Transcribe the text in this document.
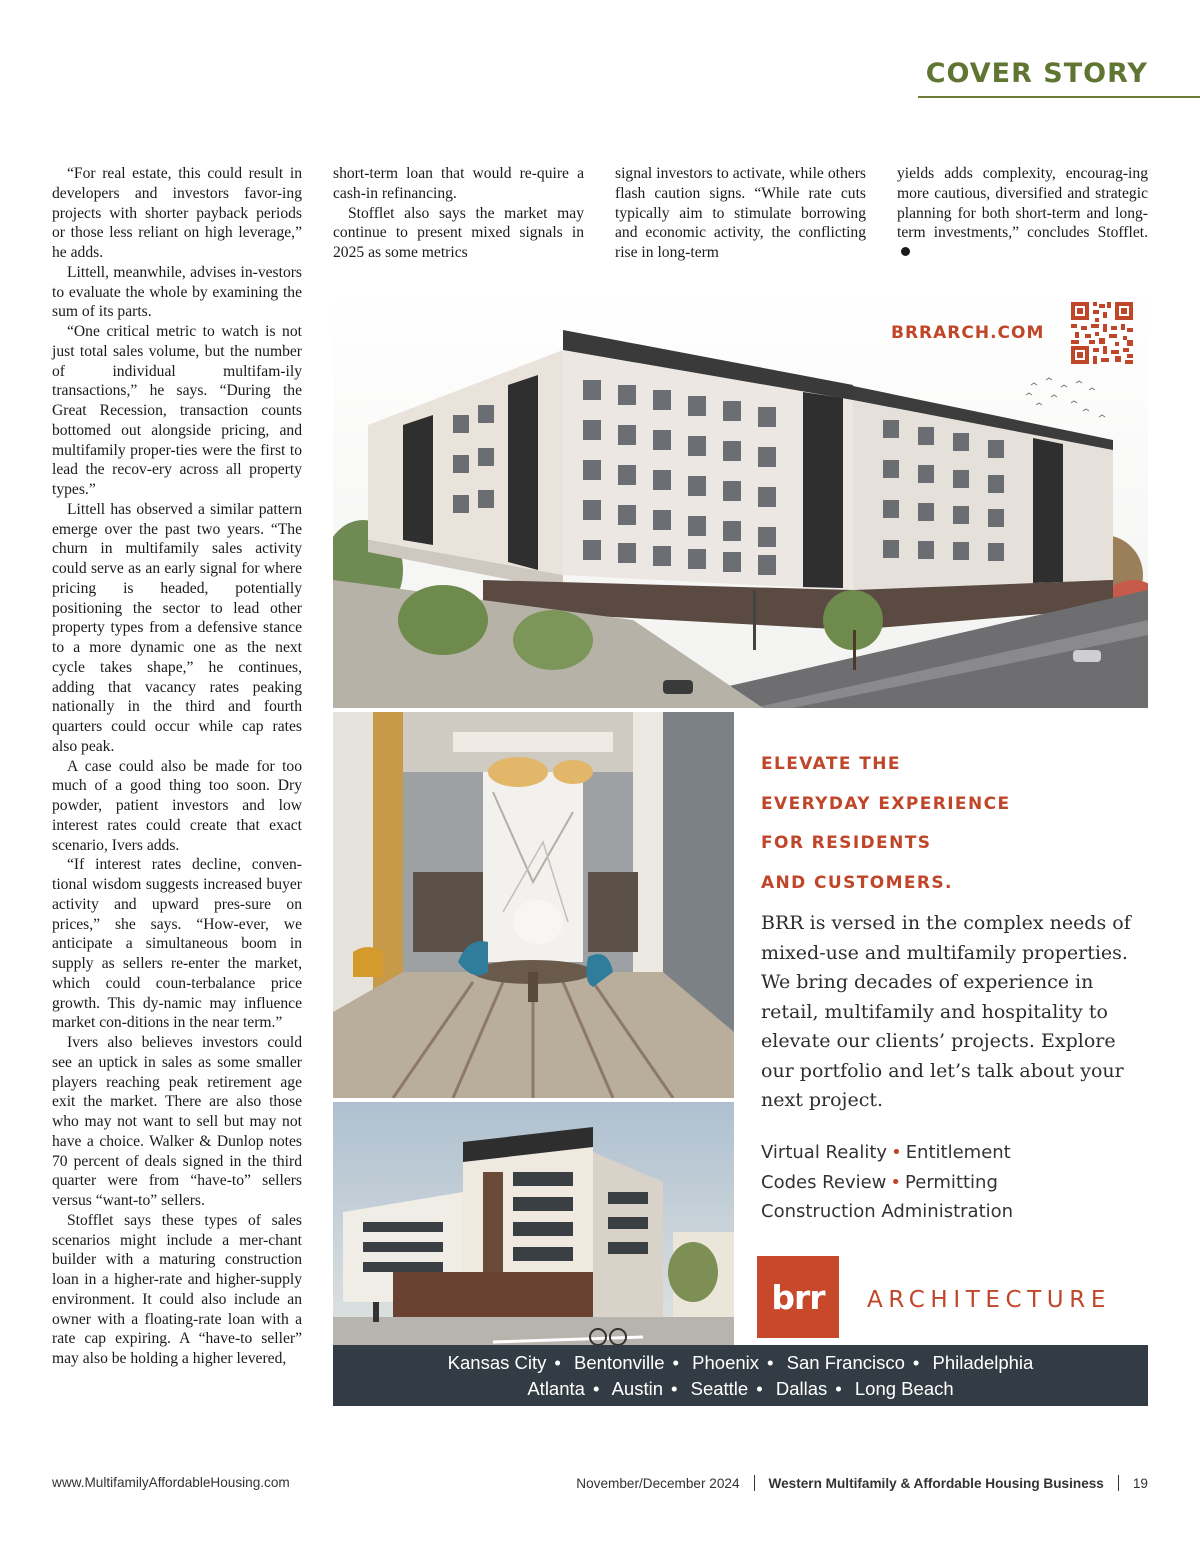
COVER STORY

“For real estate, this could result in developers and investors favor-ing projects with shorter payback periods or those less reliant on high leverage,” he adds.

Littell, meanwhile, advises in-vestors to evaluate the whole by examining the sum of its parts.

“One critical metric to watch is not just total sales volume, but the number of individual multifam-ily transactions,” he says. “During the Great Recession, transaction counts bottomed out alongside pricing, and multifamily proper-ties were the first to lead the recov-ery across all property types.”

Littell has observed a similar pattern emerge over the past two years. “The churn in multifamily sales activity could serve as an early signal for where pricing is headed, potentially positioning the sector to lead other property types from a defensive stance to a more dynamic one as the next cycle takes shape,” he continues, adding that vacancy rates peaking nationally in the third and fourth quarters could occur while cap rates also peak.

A case could also be made for too much of a good thing too soon. Dry powder, patient investors and low interest rates could create that exact scenario, Ivers adds.

“If interest rates decline, conven-tional wisdom suggests increased buyer activity and upward pres-sure on prices,” she says. “How-ever, we anticipate a simultaneous boom in supply as sellers re-enter the market, which could coun-terbalance price growth. This dy-namic may influence market con-ditions in the near term.”

Ivers also believes investors could see an uptick in sales as some smaller players reaching peak retirement age exit the market. There are also those who may not want to sell but may not have a choice. Walker & Dunlop notes 70 percent of deals signed in the third quarter were from “have-to” sellers versus “want-to” sellers.

Stofflet says these types of sales scenarios might include a mer-chant builder with a maturing construction loan in a higher-rate and higher-supply environment. It could also include an owner with a floating-rate loan with a rate cap expiring. A “have-to seller” may also be holding a higher levered,

short-term loan that would re-quire a cash-in refinancing.

Stofflet also says the market may continue to present mixed signals in 2025 as some metrics

signal investors to activate, while others flash caution signs. “While rate cuts typically aim to stimulate borrowing and economic activity, the conflicting rise in long-term

yields adds complexity, encourag-ing more cautious, diversified and strategic planning for both short-term and long-term investments,” concludes Stofflet.

BRRARCH.COM
ELEVATE THE
EVERYDAY EXPERIENCE
FOR RESIDENTS
AND CUSTOMERS.
BRR is versed in the complex needs of mixed-use and multifamily properties. We bring decades of experience in retail, multifamily and hospitality to elevate our clients’ projects. Explore our portfolio and let’s talk about your next project.
Virtual Reality • Entitlement
Codes Review • Permitting
Construction Administration
brr ARCHITECTURE
Kansas City • Bentonville • Phoenix • San Francisco • Philadelphia
Atlanta • Austin • Seattle • Dallas • Long Beach
www.MultifamilyAffordableHousing.com	November/December 2024 Western Multifamily & Affordable Housing Business 19
